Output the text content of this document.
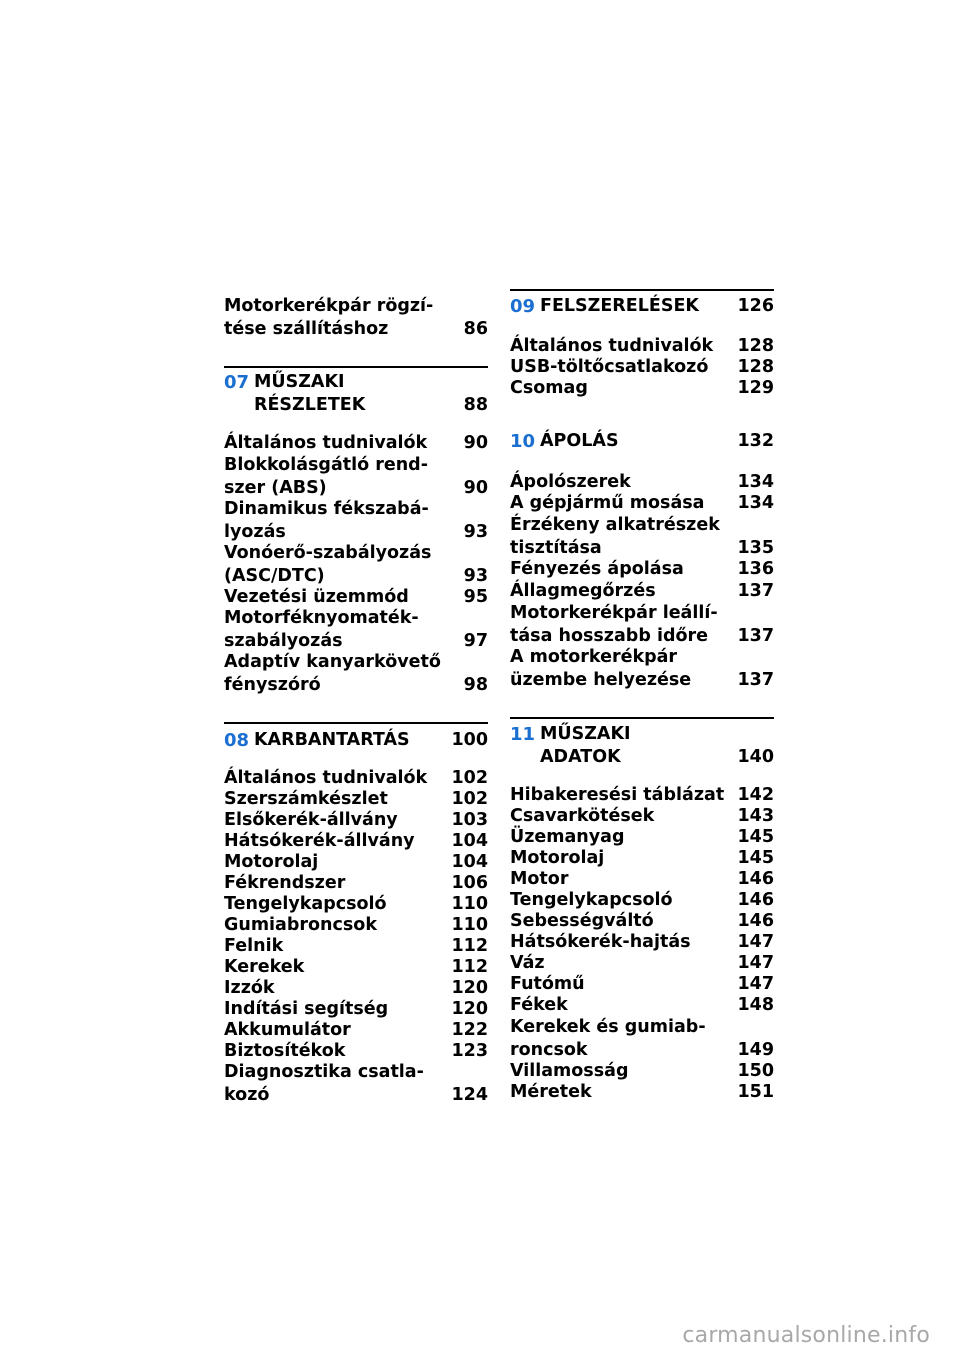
Motorkerékpár rögzí-
tése szállításhoz	86
07 MŰSZAKI
RÉSZLETEK	88
Általános tudnivalók 90
Blokkolásgátló rend-
szer (ABS)	90
Dinamikus fékszabá-
lyozás	93
Vonóerő-szabályozás
(ASC/DTC)	93
Vezetési üzemmód	95
Motorféknyomaték-
szabályozás	97
Adaptív kanyarkövető
fényszóró	98
08 KARBANTARTÁS 100
Általános tudnivalók 102
Szerszámkészlet	102
Elsőkerék-állvány	103
Hátsókerék-állvány 104
Motorolaj	104
Fékrendszer	106
Tengelykapcsoló	110
Gumiabroncsok	110
Felnik	112
Kerekek	112
Izzók	120
Indítási segítség	120
Akkumulátor	122
Biztosítékok	123
Diagnosztika csatla-
kozó	124
09 FELSZERELÉSEK 126
Általános tudnivalók 128
USB-töltőcsatlakozó 128
Csomag	129
10 ÁPOLÁS	132
Ápolószerek	134
A gépjármű mosása 134
Érzékeny alkatrészek
tisztítása	135
Fényezés ápolása	136
Állagmegőrzés	137
Motorkerékpár leállí-
tása hosszabb időre 137
A motorkerékpár
üzembe helyezése	137
11 MŰSZAKI
ADATOK	140
Hibakeresési táblázat 142
Csavarkötések	143
Üzemanyag	145
Motorolaj	145
Motor	146
Tengelykapcsoló	146
Sebességváltó	146
Hátsókerék-hajtás	147
Váz	147
Futómű	147
Fékek	148
Kerekek és gumiab-
roncsok	149
Villamosság	150
Méretek	151
carmanualsonline.info
